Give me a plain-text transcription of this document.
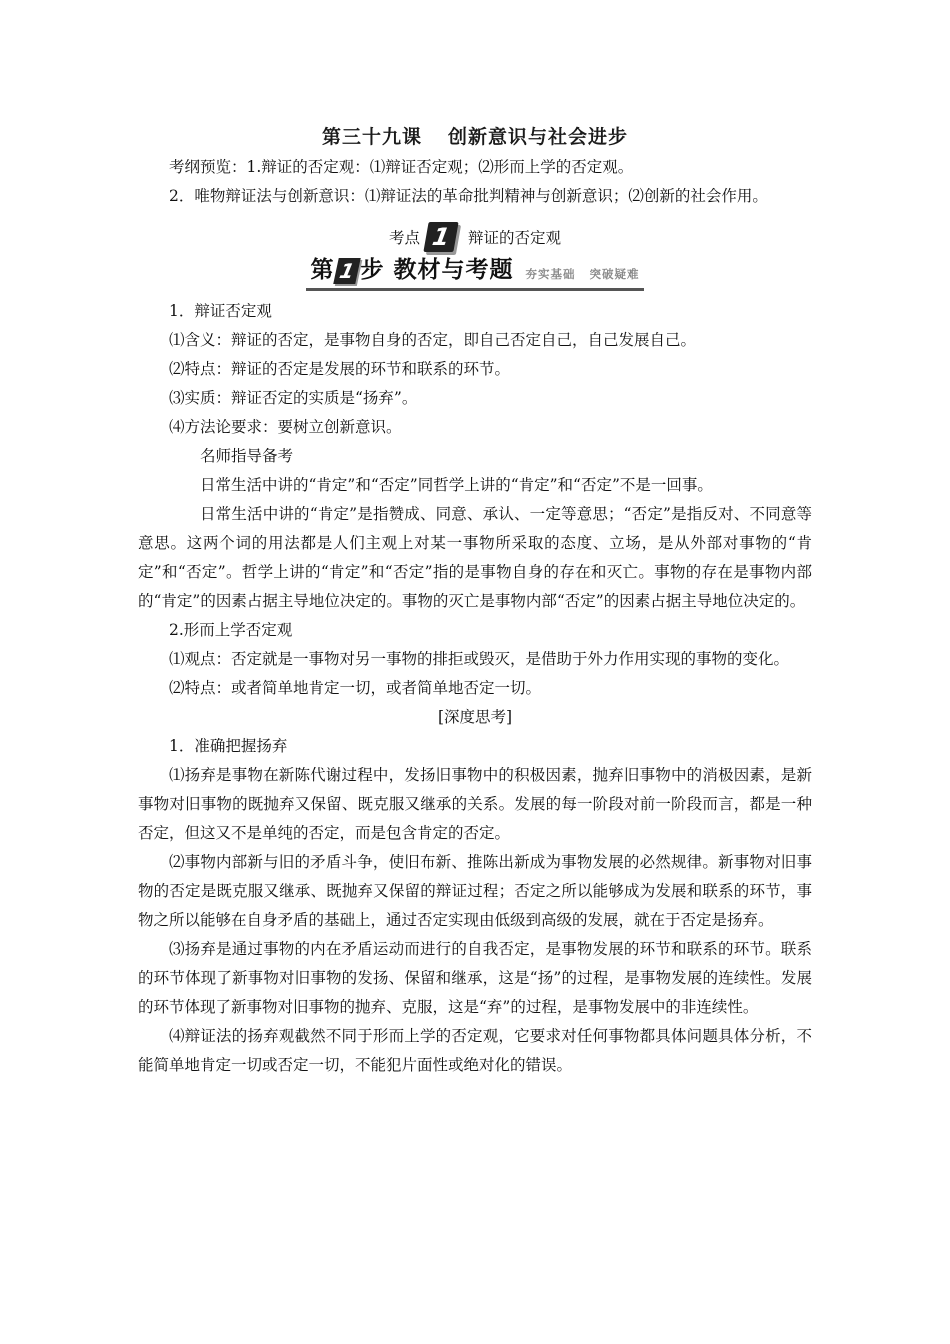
第三十九课 创新意识与社会进步

考纲预览：1.辩证的否定观：⑴辩证否定观；⑵形而上学的否定观。

2．唯物辩证法与创新意识：⑴辩证法的革命批判精神与创新意识；⑵创新的社会作用。

考点 1	辩证的否定观
第 1 步 教材与考题 夯实基础 突破疑难

1．辩证否定观

⑴含义：辩证的否定，是事物自身的否定，即自己否定自己，自己发展自己。

⑵特点：辩证的否定是发展的环节和联系的环节。

⑶实质：辩证否定的实质是“扬弃”。

⑷方法论要求：要树立创新意识。

名师指导备考

日常生活中讲的“肯定”和“否定”同哲学上讲的“肯定”和“否定”不是一回事。

日常生活中讲的“肯定”是指赞成、同意、承认、一定等意思；“否定”是指反对、不同意等意思。这两个词的用法都是人们主观上对某一事物所采取的态度、立场，是从外部对事物的“肯定”和“否定”。哲学上讲的“肯定”和“否定”指的是事物自身的存在和灭亡。事物的存在是事物内部的“肯定”的因素占据主导地位决定的。事物的灭亡是事物内部“否定”的因素占据主导地位决定的。

2.形而上学否定观

⑴观点：否定就是一事物对另一事物的排拒或毁灭，是借助于外力作用实现的事物的变化。

⑵特点：或者简单地肯定一切，或者简单地否定一切。

[深度思考]

1．准确把握扬弃

⑴扬弃是事物在新陈代谢过程中，发扬旧事物中的积极因素，抛弃旧事物中的消极因素，是新事物对旧事物的既抛弃又保留、既克服又继承的关系。发展的每一阶段对前一阶段而言，都是一种否定，但这又不是单纯的否定，而是包含肯定的否定。

⑵事物内部新与旧的矛盾斗争，使旧布新、推陈出新成为事物发展的必然规律。新事物对旧事物的否定是既克服又继承、既抛弃又保留的辩证过程；否定之所以能够成为发展和联系的环节，事物之所以能够在自身矛盾的基础上，通过否定实现由低级到高级的发展，就在于否定是扬弃。

⑶扬弃是通过事物的内在矛盾运动而进行的自我否定，是事物发展的环节和联系的环节。联系的环节体现了新事物对旧事物的发扬、保留和继承，这是“扬”的过程，是事物发展的连续性。发展的环节体现了新事物对旧事物的抛弃、克服，这是“弃”的过程，是事物发展中的非连续性。

⑷辩证法的扬弃观截然不同于形而上学的否定观，它要求对任何事物都具体问题具体分析，不能简单地肯定一切或否定一切，不能犯片面性或绝对化的错误。
